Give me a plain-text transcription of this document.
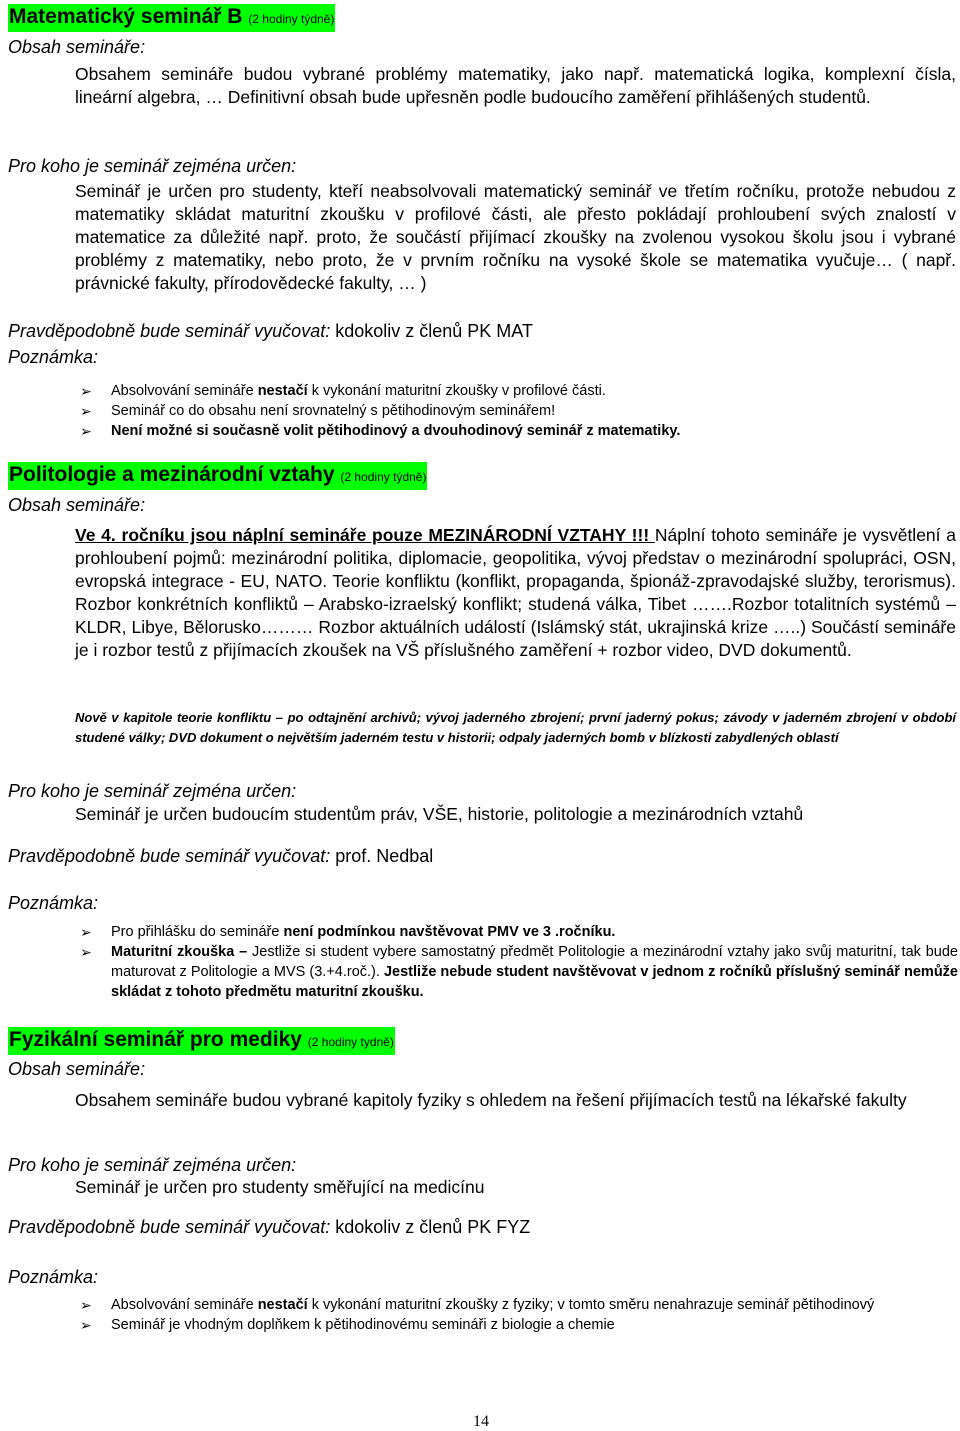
Matematický seminář B (2 hodiny týdně)
Obsah semináře:
Obsahem semináře budou vybrané problémy matematiky, jako např. matematická logika, komplexní čísla, lineární algebra, … Definitivní obsah bude upřesněn podle budoucího zaměření přihlášených studentů.
Pro koho je seminář zejména určen:
Seminář je určen pro studenty, kteří neabsolvovali matematický seminář ve třetím ročníku, protože nebudou z matematiky skládat maturitní zkoušku v profilové části, ale přesto pokládají prohloubení svých znalostí v matematice za důležité např. proto, že součástí přijímací zkoušky na zvolenou vysokou školu jsou i vybrané problémy z matematiky, nebo proto, že v prvním ročníku na vysoké škole se matematika vyučuje… ( např. právnické fakulty, přírodovědecké fakulty, … )
Pravděpodobně bude seminář vyučovat: kdokoliv z členů PK MAT
Poznámka:
➢ Absolvování semináře nestačí k vykonání maturitní zkoušky v profilové části.
➢ Seminář co do obsahu není srovnatelný s pětihodinovým seminářem!
➢ Není možné si současně volit pětihodinový a dvouhodinový seminář z matematiky.
Politologie a mezinárodní vztahy (2 hodiny týdně)
Obsah semináře:
Ve 4. ročníku jsou náplní semináře pouze MEZINÁRODNÍ VZTAHY !!! Náplní tohoto semináře je vysvětlení a prohloubení pojmů: mezinárodní politika, diplomacie, geopolitika, vývoj představ o mezinárodní spolupráci, OSN, evropská integrace - EU, NATO. Teorie konfliktu (konflikt, propaganda, špionáž-zpravodajské služby, terorismus). Rozbor konkrétních konfliktů – Arabsko-izraelský konflikt; studená válka, Tibet …….Rozbor totalitních systémů – KLDR, Libye, Bělorusko……… Rozbor aktuálních událostí (Islámský stát, ukrajinská krize …..) Součástí semináře je i rozbor testů z přijímacích zkoušek na VŠ příslušného zaměření + rozbor video, DVD dokumentů.
Nově v kapitole teorie konfliktu – po odtajnění archivů; vývoj jaderného zbrojení; první jaderný pokus; závody v jaderném zbrojení v období studené války; DVD dokument o největším jaderném testu v historii; odpaly jaderných bomb v blízkosti zabydlených oblastí
Pro koho je seminář zejména určen:
Seminář je určen budoucím studentům práv, VŠE, historie, politologie a mezinárodních vztahů
Pravděpodobně bude seminář vyučovat: prof. Nedbal
Poznámka:
➢ Pro přihlášku do semináře není podmínkou navštěvovat PMV ve 3 .ročníku.
➢ Maturitní zkouška – Jestliže si student vybere samostatný předmět Politologie a mezinárodní vztahy jako svůj maturitní, tak bude maturovat z Politologie a MVS (3.+4.roč.). Jestliže nebude student navštěvovat v jednom z ročníků příslušný seminář nemůže skládat z tohoto předmětu maturitní zkoušku.
Fyzikální seminář pro mediky (2 hodiny tydně)
Obsah semináře:
Obsahem semináře budou vybrané kapitoly fyziky s ohledem na řešení přijímacích testů na lékařské fakulty
Pro koho je seminář zejména určen:
Seminář je určen pro studenty směřující na medicínu
Pravděpodobně bude seminář vyučovat: kdokoliv z členů PK FYZ
Poznámka:
➢ Absolvování semináře nestačí k vykonání maturitní zkoušky z fyziky; v tomto směru nenahrazuje seminář pětihodinový
➢ Seminář je vhodným doplňkem k pětihodinovému semináři z biologie a chemie
14
